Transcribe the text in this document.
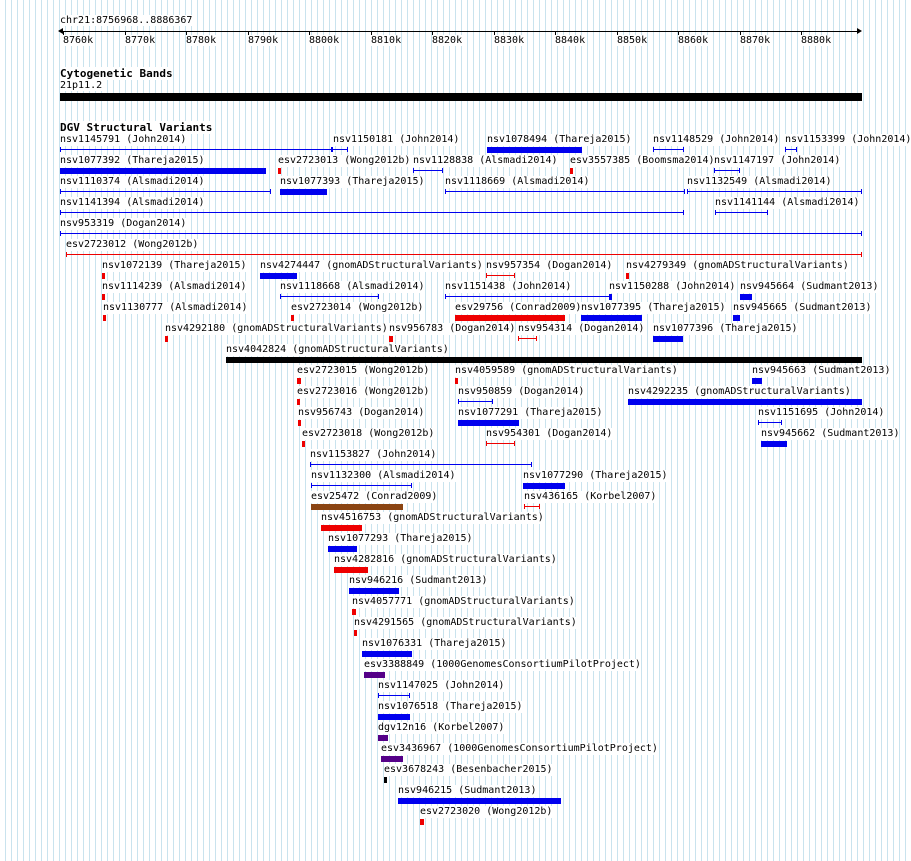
chr21:8756968..8886367
8760k	8770k	8780k	8790k	8800k	8810k	8820k	8830k	8840k	8850k	8860k	8870k	8880k
Cytogenetic Bands
21p11.2
DGV Structural Variants
nsv1145791 (John2014)	nsv1150181 (John2014)	nsv1078494 (Thareja2015) nsv1148529 (John2014) nsv1153399 (John2014)
nsv1077392 (Thareja2015)	esv2723013 (Wong2012b) nsv1128838 (Alsmadi2014) esv3557385 (Boomsma2014) nsv1147197 (John2014)
nsv1110374 (Alsmadi2014)	nsv1077393 (Thareja2015) nsv1118669 (Alsmadi2014)	nsv1132549 (Alsmadi2014)
nsv1141394 (Alsmadi2014)	nsv1141144 (Alsmadi2014)
nsv953319 (Dogan2014)
esv2723012 (Wong2012b)
nsv1072139 (Thareja2015) nsv4274447 (gnomADStructuralVariants) nsv957354 (Dogan2014) nsv4279349 (gnomADStructuralVariants)
nsv1114239 (Alsmadi2014)	nsv1118668 (Alsmadi2014) nsv1151438 (John2014)	nsv1150288 (John2014) nsv945664 (Sudmant2013)
nsv1130777 (Alsmadi2014)	esv2723014 (Wong2012b)	esv29756 (Conrad2009) nsv1077395 (Thareja2015) nsv945665 (Sudmant2013)
nsv4292180 (gnomADStructuralVariants) nsv956783 (Dogan2014) nsv954314 (Dogan2014) nsv1077396 (Thareja2015)
nsv4042824 (gnomADStructuralVariants)
esv2723015 (Wong2012b)	nsv4059589 (gnomADStructuralVariants)	nsv945663 (Sudmant2013)
esv2723016 (Wong2012b)	nsv950859 (Dogan2014)	nsv4292235 (gnomADStructuralVariants)
nsv956743 (Dogan2014)	nsv1077291 (Thareja2015)	nsv1151695 (John2014)
esv2723018 (Wong2012b)	nsv954301 (Dogan2014)	nsv945662 (Sudmant2013)
nsv1153827 (John2014)
nsv1132300 (Alsmadi2014)	nsv1077290 (Thareja2015)
esv25472 (Conrad2009)	nsv436165 (Korbel2007)
nsv4516753 (gnomADStructuralVariants)
nsv1077293 (Thareja2015)
nsv4282816 (gnomADStructuralVariants)
nsv946216 (Sudmant2013)
nsv4057771 (gnomADStructuralVariants)
nsv4291565 (gnomADStructuralVariants)
nsv1076331 (Thareja2015)
esv3388849 (1000GenomesConsortiumPilotProject)
nsv1147025 (John2014)
nsv1076518 (Thareja2015)
dgv12n16 (Korbel2007)
esv3436967 (1000GenomesConsortiumPilotProject)
esv3678243 (Besenbacher2015)
nsv946215 (Sudmant2013)
esv2723020 (Wong2012b)
